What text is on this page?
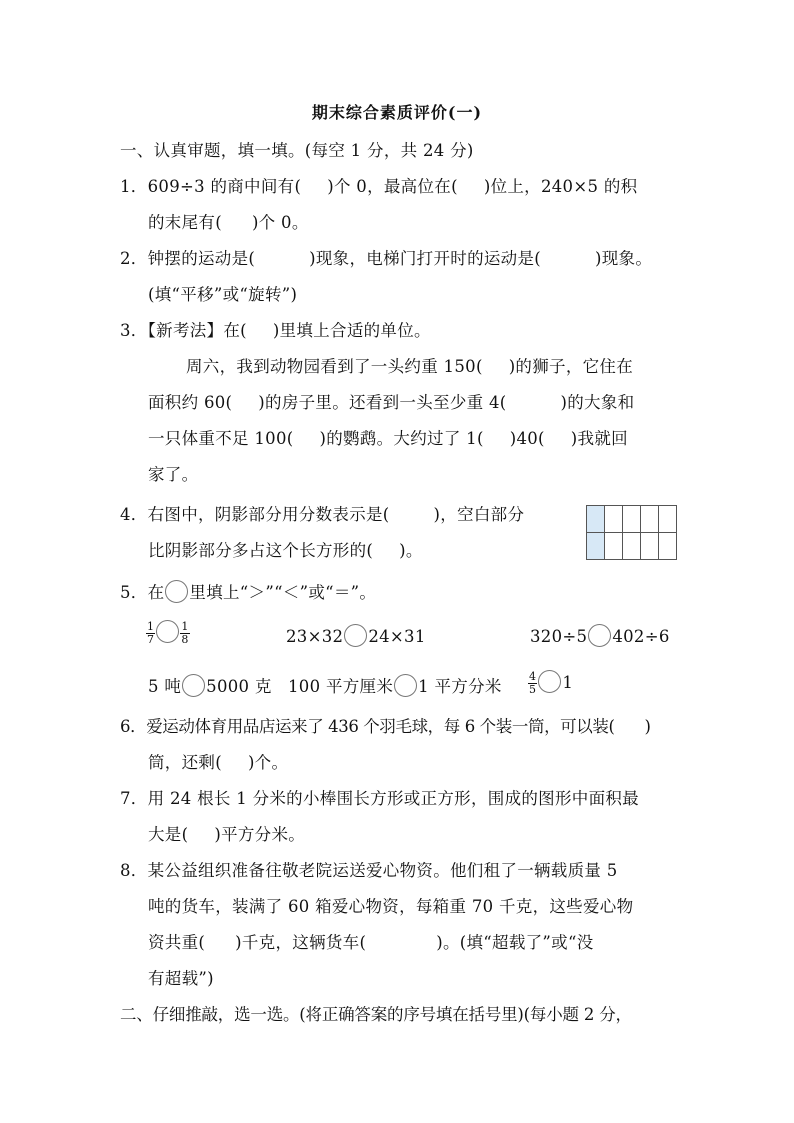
期末综合素质评价(一)
一、认真审题，填一填。(每空 1 分，共 24 分)
1．609÷3 的商中间有( )个 0，最高位在( )位上，240×5 的积
的末尾有( )个 0。
2．钟摆的运动是(	)现象，电梯门打开时的运动是(	)现象。
(填“平移”或“旋转”)
3．【新考法】在( )里填上合适的单位。
周六，我到动物园看到了一头约重 150( )的狮子，它住在
面积约 60( )的房子里。还看到一头至少重 4(	)的大象和
一只体重不足 100( )的鹦鹉。大约过了 1( )40( )我就回
家了。
4．右图中，阴影部分用分数表示是(	)，空白部分
比阴影部分多占这个长方形的( )。

5．在 里填上“＞”“＜”或“＝”。
$\frac{1}{7} \frac{1}{8}$	23×32 24×31	320÷5 402÷6
5 吨 5000 克 100 平方厘米 1 平方分米 $\frac{4}{5} 1$
6．爱运动体育用品店运来了 436 个羽毛球，每 6 个装一筒，可以装( )
筒，还剩( )个。
7．用 24 根长 1 分米的小棒围长方形或正方形，围成的图形中面积最
大是( )平方分米。
8．某公益组织准备往敬老院运送爱心物资。他们租了一辆载质量 5
吨的货车，装满了 60 箱爱心物资，每箱重 70 千克，这些爱心物
资共重( )千克，这辆货车(	)。(填“超载了”或“没
有超载”)
二、仔细推敲，选一选。(将正确答案的序号填在括号里)(每小题 2 分，
